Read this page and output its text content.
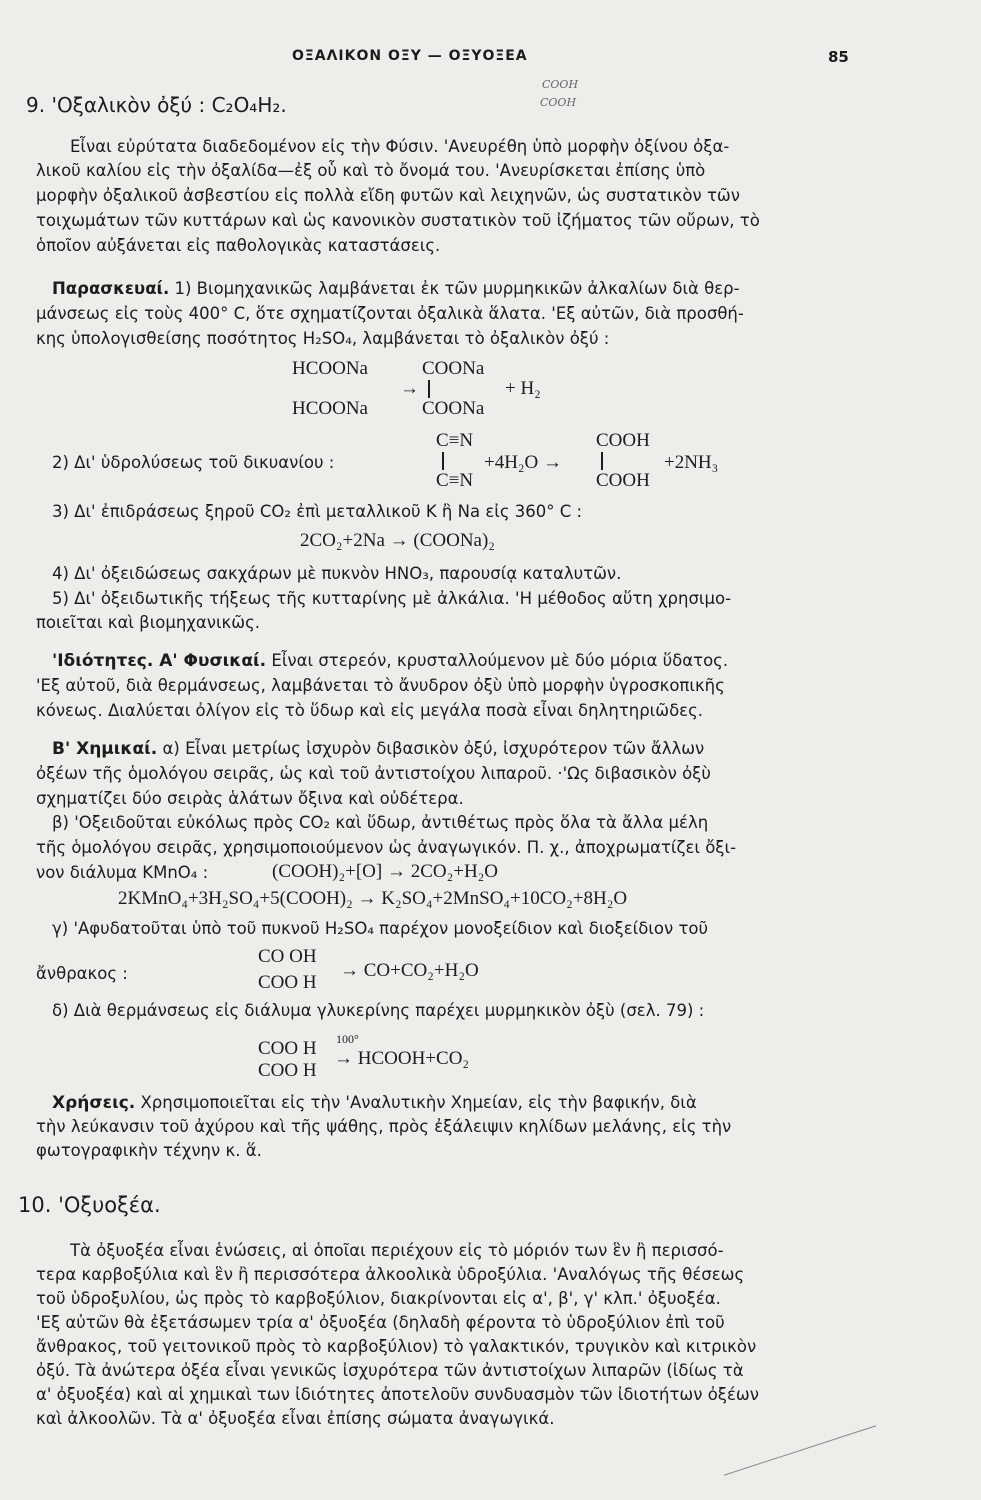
ΟΞΑΛΙΚΟΝ ΟΞΥ — ΟΞΥΟΞΕΑ	85
COOH
COOH
9. 'Οξαλικὸν ὀξύ : C₂O₄H₂.
Εἶναι εὐρύτατα διαδεδομένον εἰς τὴν Φύσιν. 'Ανευρέθη ὑπὸ μορφὴν ὀξίνου ὀξα-
λικοῦ καλίου εἰς τὴν ὀξαλίδα—ἐξ οὗ καὶ τὸ ὄνομά του. 'Ανευρίσκεται ἐπίσης ὑπὸ
μορφὴν ὀξαλικοῦ ἀσβεστίου εἰς πολλὰ εἴδη φυτῶν καὶ λειχηνῶν, ὡς συστατικὸν τῶν
τοιχωμάτων τῶν κυττάρων καὶ ὡς κανονικὸν συστατικὸν τοῦ ἰζήματος τῶν οὔρων, τὸ
ὁποῖον αὐξάνεται εἰς παθολογικὰς καταστάσεις.
Παρασκευαί. 1) Βιομηχανικῶς λαμβάνεται ἐκ τῶν μυρμηκικῶν ἀλκαλίων διὰ θερ-
μάνσεως εἰς τοὺς 400° C, ὅτε σχηματίζονται ὀξαλικὰ ἅλατα. 'Εξ αὐτῶν, διὰ προσθή-
κης ὑπολογισθείσης ποσότητος H₂SO₄, λαμβάνεται τὸ ὀξαλικὸν ὀξύ :
HCOONa
HCOONa
→
COONa
COONa
+ H₂
2) Δι' ὑδρολύσεως τοῦ δικυανίου :
C≡N
C≡N
+4H₂O →
COOH
COOH
+2NH₃
3) Δι' ἐπιδράσεως ξηροῦ CO₂ ἐπὶ μεταλλικοῦ K ἢ Na εἰς 360° C :
2CO₂+2Na → (COONa)₂
4) Δι' ὀξειδώσεως σακχάρων μὲ πυκνὸν HNO₃, παρουσίᾳ καταλυτῶν.
5) Δι' ὀξειδωτικῆς τήξεως τῆς κυτταρίνης μὲ ἀλκάλια. 'Η μέθοδος αὕτη χρησιμο-
ποιεῖται καὶ βιομηχανικῶς.
'Ιδιότητες. Α' Φυσικαί. Εἶναι στερεόν, κρυσταλλούμενον μὲ δύο μόρια ὕδατος.
'Εξ αὐτοῦ, διὰ θερμάνσεως, λαμβάνεται τὸ ἄνυδρον ὀξὺ ὑπὸ μορφὴν ὑγροσκοπικῆς
κόνεως. Διαλύεται ὀλίγον εἰς τὸ ὕδωρ καὶ εἰς μεγάλα ποσὰ εἶναι δηλητηριῶδες.
Β' Χημικαί. α) Εἶναι μετρίως ἰσχυρὸν διβασικὸν ὀξύ, ἰσχυρότερον τῶν ἄλλων
ὀξέων τῆς ὁμολόγου σειρᾶς, ὡς καὶ τοῦ ἀντιστοίχου λιπαροῦ. ·'Ως διβασικὸν ὀξὺ
σχηματίζει δύο σειρὰς ἁλάτων ὄξινα καὶ οὐδέτερα.
β) 'Οξειδοῦται εὐκόλως πρὸς CO₂ καὶ ὕδωρ, ἀντιθέτως πρὸς ὅλα τὰ ἄλλα μέλη
τῆς ὁμολόγου σειρᾶς, χρησιμοποιούμενον ὡς ἀναγωγικόν. Π. χ., ἀποχρωματίζει ὄξι-
νον διάλυμα KMnO₄ :	(COOH)₂+[O] → 2CO₂+H₂O
2KMnO₄+3H₂SO₄+5(COOH)₂ → K₂SO₄+2MnSO₄+10CO₂+8H₂O
γ) 'Αφυδατοῦται ὑπὸ τοῦ πυκνοῦ H₂SO₄ παρέχον μονοξείδιον καὶ διοξείδιον τοῦ
ἄνθρακος :
CO OH
COO H
→ CO+CO₂+H₂O
δ) Διὰ θερμάνσεως εἰς διάλυμα γλυκερίνης παρέχει μυρμηκικὸν ὀξὺ (σελ. 79) :
COO H
COO H
100°
→ HCOOH+CO₂
Χρήσεις. Χρησιμοποιεῖται εἰς τὴν 'Αναλυτικὴν Χημείαν, εἰς τὴν βαφικήν, διὰ
τὴν λεύκανσιν τοῦ ἀχύρου καὶ τῆς ψάθης, πρὸς ἐξάλειψιν κηλίδων μελάνης, εἰς τὴν
φωτογραφικὴν τέχνην κ. ἅ.
10. 'Οξυοξέα.
Τὰ ὀξυοξέα εἶναι ἑνώσεις, αἱ ὁποῖαι περιέχουν εἰς τὸ μόριόν των ἓν ἢ περισσό-
τερα καρβοξύλια καὶ ἓν ἢ περισσότερα ἀλκοολικὰ ὑδροξύλια. 'Αναλόγως τῆς θέσεως
τοῦ ὑδροξυλίου, ὡς πρὸς τὸ καρβοξύλιον, διακρίνονται εἰς α', β', γ' κλπ.' ὀξυοξέα.
'Εξ αὐτῶν θὰ ἐξετάσωμεν τρία α' ὀξυοξέα (δηλαδὴ φέροντα τὸ ὑδροξύλιον ἐπὶ τοῦ
ἄνθρακος, τοῦ γειτονικοῦ πρὸς τὸ καρβοξύλιον) τὸ γαλακτικόν, τρυγικὸν καὶ κιτρικὸν
ὀξύ. Τὰ ἀνώτερα ὀξέα εἶναι γενικῶς ἰσχυρότερα τῶν ἀντιστοίχων λιπαρῶν (ἰδίως τὰ
α' ὀξυοξέα) καὶ αἱ χημικαὶ των ἰδιότητες ἀποτελοῦν συνδυασμὸν τῶν ἰδιοτήτων ὀξέων
καὶ ἀλκοολῶν. Τὰ α' ὀξυοξέα εἶναι ἐπίσης σώματα ἀναγωγικά.
